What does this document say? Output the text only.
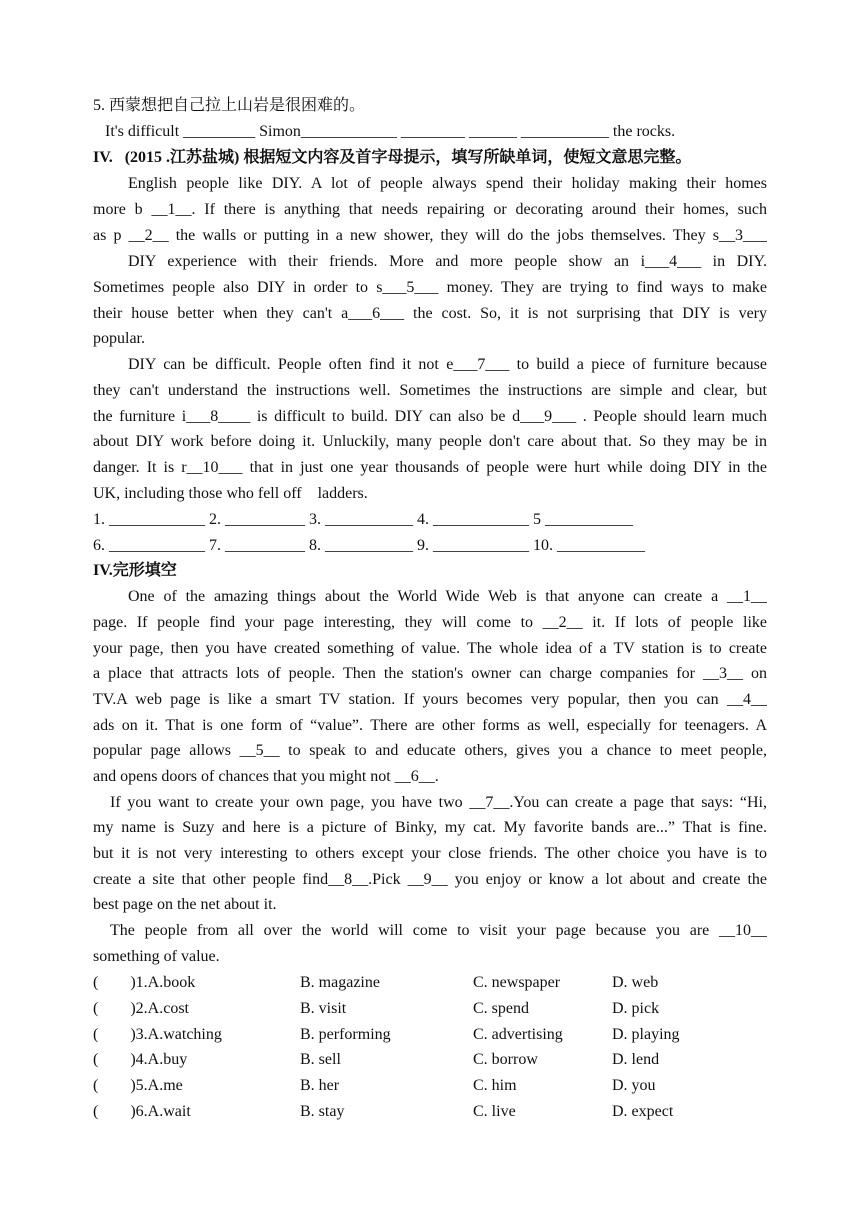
5. 西蒙想把自己拉上山岩是很困难的。
It's difficult _________ Simon____________ ________ ______ ___________ the rocks.
IV.   (2015 .江苏盐城) 根据短文内容及首字母提示，填写所缺单词，使短文意思完整。
English people like DIY. A lot of people always spend their holiday making their homes
more b __1__. If there is anything that needs repairing or decorating around their homes, such
as p __2__ the walls or putting in a new shower, they will do the jobs themselves. They s__3___
DIY experience with their friends. More and more people show an i___4___ in DIY.
Sometimes people also DIY in order to s___5___ money. They are trying to find ways to make
their house better when they can't a___6___ the cost. So, it is not surprising that DIY is very
popular.
DIY can be difficult. People often find it not e___7___ to build a piece of furniture because
they can't understand the instructions well. Sometimes the instructions are simple and clear, but
the furniture i___8____ is difficult to build. DIY can also be d___9___ . People should learn much
about DIY work before doing it. Unluckily, many people don't care about that. So they may be in
danger. It is r__10___ that in just one year thousands of people were hurt while doing DIY in the
UK, including those who fell off    ladders.
1. ____________ 2. __________ 3. ___________ 4. ____________ 5 ___________
6. ____________ 7. __________ 8. ___________ 9. ____________ 10. ___________
IV.完形填空
One of the amazing things about the World Wide Web is that anyone can create a __1__
page. If people find your page interesting, they will come to __2__ it. If lots of people like
your page, then you have created something of value. The whole idea of a TV station is to create
a place that attracts lots of people. Then the station's owner can charge companies for __3__ on
TV.A web page is like a smart TV station. If yours becomes very popular, then you can __4__
ads on it. That is one form of “value”. There are other forms as well, especially for teenagers. A
popular page allows __5__ to speak to and educate others, gives you a chance to meet people,
and opens doors of chances that you might not __6__.
If you want to create your own page, you have two __7__.You can create a page that says: “Hi,
my name is Suzy and here is a picture of Binky, my cat. My favorite bands are...” That is fine.
but it is not very interesting to others except your close friends. The other choice you have is to
create a site that other people find__8__.Pick __9__ you enjoy or know a lot about and create the
best page on the net about it.
The people from all over the world will come to visit your page because you are __10__
something of value.
(        )1.A.book	B. magazine	C. newspaper	D. web
(        )2.A.cost	B. visit	C. spend	D. pick
(        )3.A.watching	B. performing	C. advertising	D. playing
(        )4.A.buy	B. sell	C. borrow	D. lend
(        )5.A.me	B. her	C. him	D. you
(        )6.A.wait	B. stay	C. live	D. expect
